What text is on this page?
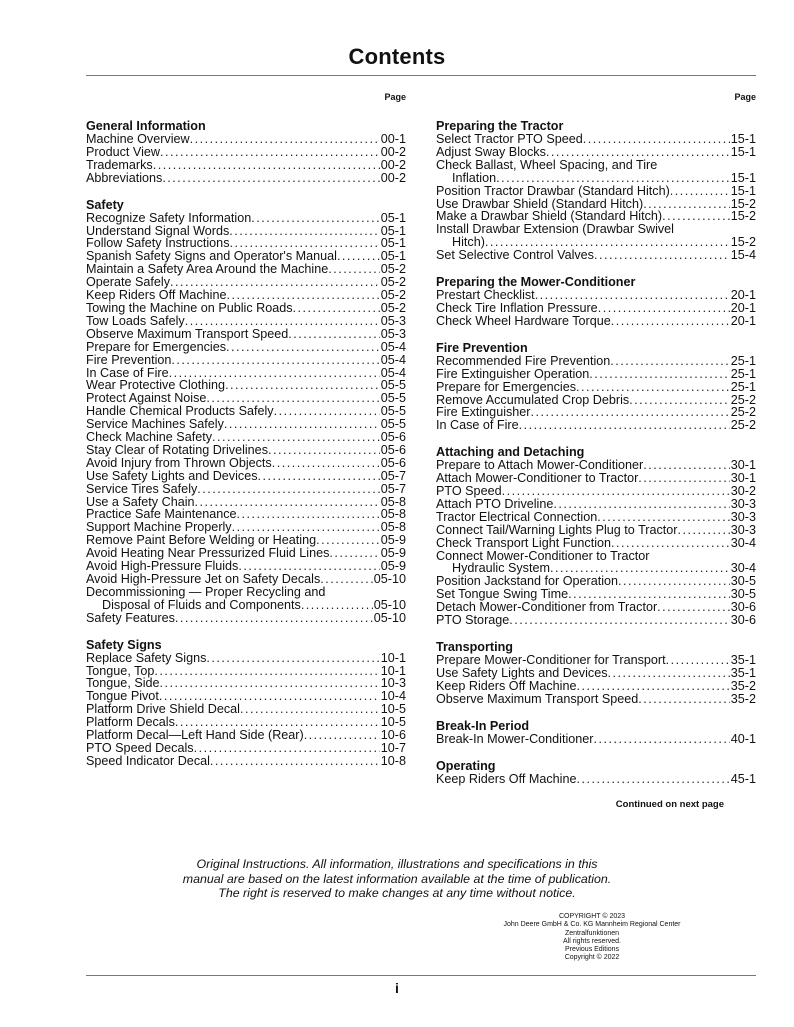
Contents
Page
General Information
Machine Overview . . .	00-1
Product View . . .	00-2
Trademarks . . .	00-2
Abbreviations . . .	00-2
Safety
Recognize Safety Information . . .	05-1
Understand Signal Words . . .	05-1
Follow Safety Instructions . . .	05-1
Spanish Safety Signs and Operator's Manual . . .	05-1
Maintain a Safety Area Around the Machine . . .	05-2
Operate Safely . . .	05-2
Keep Riders Off Machine . . .	05-2
Towing the Machine on Public Roads . . .	05-2
Tow Loads Safely . . .	05-3
Observe Maximum Transport Speed . . .	05-3
Prepare for Emergencies . . .	05-4
Fire Prevention . . .	05-4
In Case of Fire . . .	05-4
Wear Protective Clothing . . .	05-5
Protect Against Noise . . .	05-5
Handle Chemical Products Safely . . .	05-5
Service Machines Safely . . .	05-5
Check Machine Safety . . .	05-6
Stay Clear of Rotating Drivelines . . .	05-6
Avoid Injury from Thrown Objects . . .	05-6
Use Safety Lights and Devices . . .	05-7
Service Tires Safely . . .	05-7
Use a Safety Chain . . .	05-8
Practice Safe Maintenance . . .	05-8
Support Machine Properly . . .	05-8
Remove Paint Before Welding or Heating . . .	05-9
Avoid Heating Near Pressurized Fluid Lines . . .	05-9
Avoid High-Pressure Fluids . . .	05-9
Avoid High-Pressure Jet on Safety Decals . . .	05-10
Decommissioning — Proper Recycling and
Disposal of Fluids and Components . . .	05-10
Safety Features . . .	05-10
Safety Signs
Replace Safety Signs . . .	10-1
Tongue, Top . . .	10-1
Tongue, Side . . .	10-3
Tongue Pivot . . .	10-4
Platform Drive Shield Decal . . .	10-5
Platform Decals . . .	10-5
Platform Decal—Left Hand Side (Rear) . . .	10-6
PTO Speed Decals . . .	10-7
Speed Indicator Decal . . .	10-8
Page
Preparing the Tractor
Select Tractor PTO Speed . . .	15-1
Adjust Sway Blocks . . .	15-1
Check Ballast, Wheel Spacing, and Tire
Inflation . . .	15-1
Position Tractor Drawbar (Standard Hitch) . . .	15-1
Use Drawbar Shield (Standard Hitch) . . .	15-2
Make a Drawbar Shield (Standard Hitch) . . .	15-2
Install Drawbar Extension (Drawbar Swivel
Hitch) . . .	15-2
Set Selective Control Valves . . .	15-4
Preparing the Mower-Conditioner
Prestart Checklist . . .	20-1
Check Tire Inflation Pressure . . .	20-1
Check Wheel Hardware Torque . . .	20-1
Fire Prevention
Recommended Fire Prevention . . .	25-1
Fire Extinguisher Operation . . .	25-1
Prepare for Emergencies . . .	25-1
Remove Accumulated Crop Debris . . .	25-2
Fire Extinguisher . . .	25-2
In Case of Fire . . .	25-2
Attaching and Detaching
Prepare to Attach Mower-Conditioner . . .	30-1
Attach Mower-Conditioner to Tractor . . .	30-1
PTO Speed . . .	30-2
Attach PTO Driveline . . .	30-3
Tractor Electrical Connection . . .	30-3
Connect Tail/Warning Lights Plug to Tractor . . .	30-3
Check Transport Light Function . . .	30-4
Connect Mower-Conditioner to Tractor
Hydraulic System . . .	30-4
Position Jackstand for Operation . . .	30-5
Set Tongue Swing Time . . .	30-5
Detach Mower-Conditioner from Tractor . . .	30-6
PTO Storage . . .	30-6
Transporting
Prepare Mower-Conditioner for Transport . . .	35-1
Use Safety Lights and Devices . . .	35-1
Keep Riders Off Machine . . .	35-2
Observe Maximum Transport Speed . . .	35-2
Break-In Period
Break-In Mower-Conditioner . . .	40-1
Operating
Keep Riders Off Machine . . .	45-1
Continued on next page
Original Instructions. All information, illustrations and specifications in this
manual are based on the latest information available at the time of publication.
The right is reserved to make changes at any time without notice.
COPYRIGHT © 2023
John Deere GmbH & Co. KG Mannheim Regional Center
Zentralfunktionen
All rights reserved.
Previous Editions
Copyright © 2022
i
